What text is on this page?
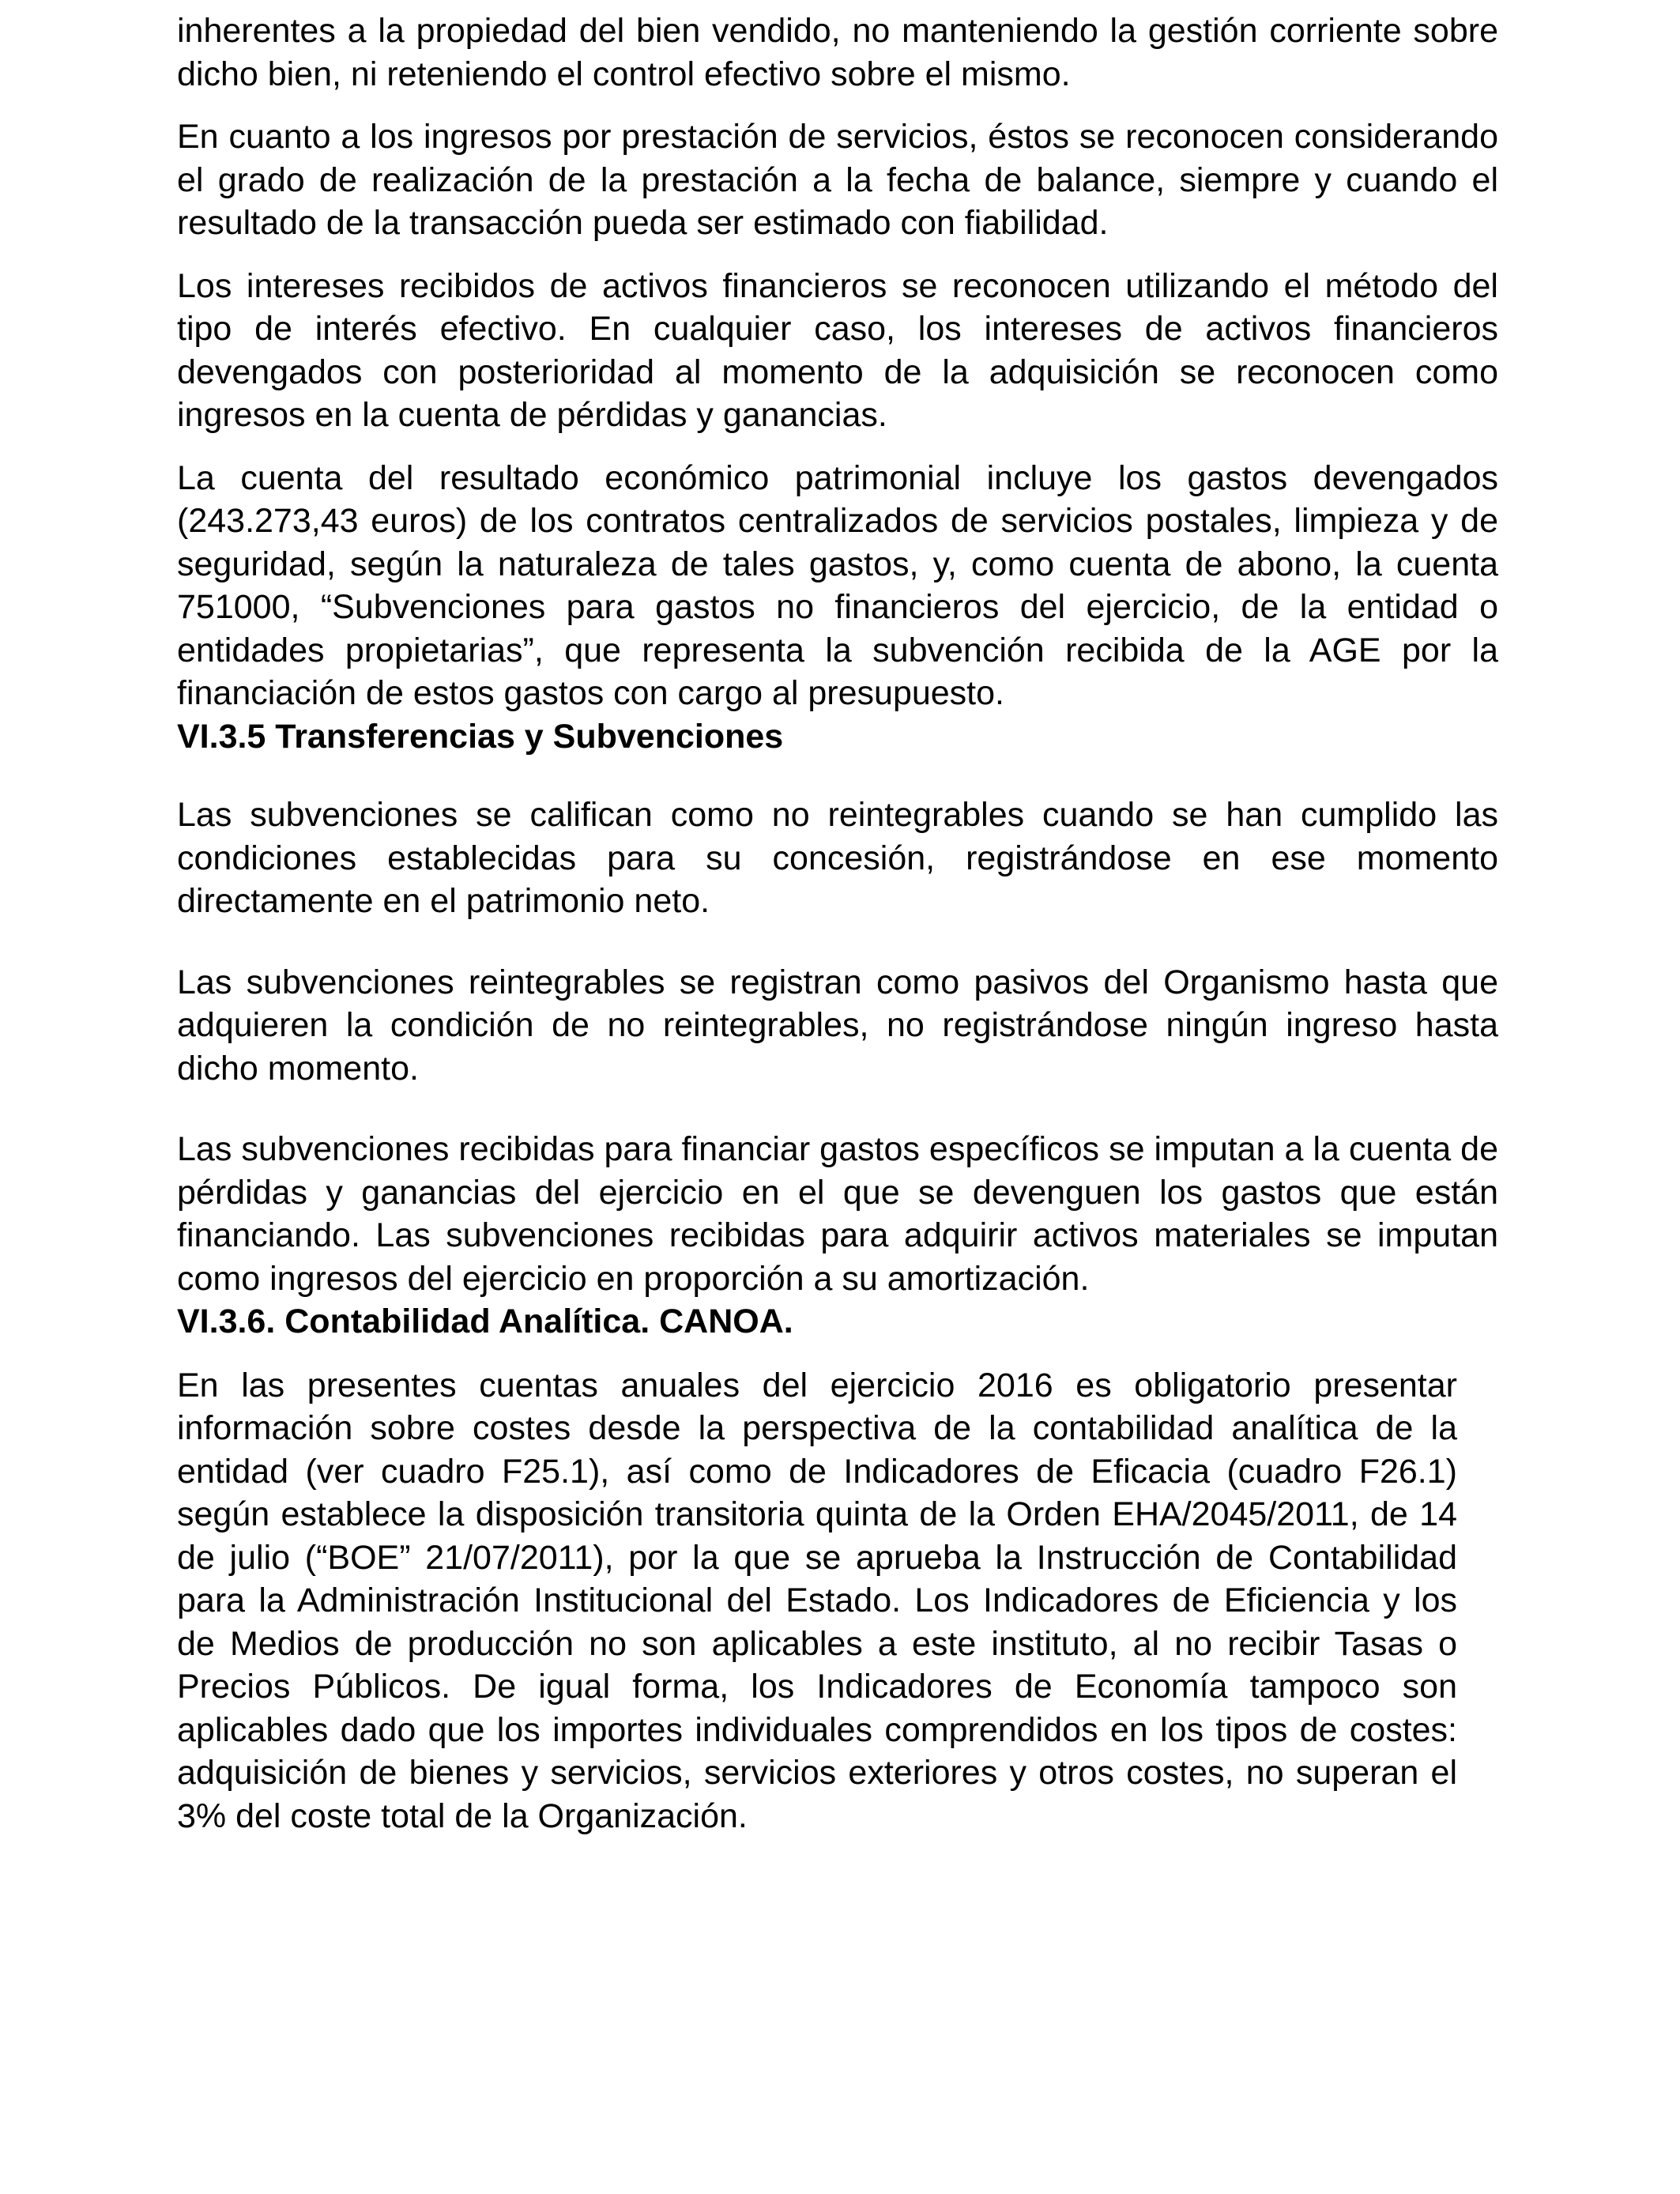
inherentes a la propiedad del bien vendido, no manteniendo la gestión corriente sobre dicho bien, ni reteniendo el control efectivo sobre el mismo.

En cuanto a los ingresos por prestación de servicios, éstos se reconocen considerando el grado de realización de la prestación a la fecha de balance, siempre y cuando el resultado de la transacción pueda ser estimado con fiabilidad.

Los intereses recibidos de activos financieros se reconocen utilizando el método del tipo de interés efectivo. En cualquier caso, los intereses de activos financieros devengados con posterioridad al momento de la adquisición se reconocen como ingresos en la cuenta de pérdidas y ganancias.

La cuenta del resultado económico patrimonial incluye los gastos devengados (243.273,43 euros) de los contratos centralizados de servicios postales, limpieza y de seguridad, según la naturaleza de tales gastos, y, como cuenta de abono, la cuenta 751000, “Subvenciones para gastos no financieros del ejercicio, de la entidad o entidades propietarias”, que representa la subvención recibida de la AGE por la financiación de estos gastos con cargo al presupuesto.

VI.3.5 Transferencias y Subvenciones

Las subvenciones se califican como no reintegrables cuando se han cumplido las condiciones establecidas para su concesión, registrándose en ese momento directamente en el patrimonio neto.

Las subvenciones reintegrables se registran como pasivos del Organismo hasta que adquieren la condición de no reintegrables, no registrándose ningún ingreso hasta dicho momento.

Las subvenciones recibidas para financiar gastos específicos se imputan a la cuenta de pérdidas y ganancias del ejercicio en el que se devenguen los gastos que están financiando. Las subvenciones recibidas para adquirir activos materiales se imputan como ingresos del ejercicio en proporción a su amortización.

VI.3.6. Contabilidad Analítica. CANOA.

En las presentes cuentas anuales del ejercicio 2016 es obligatorio presentar información sobre costes desde la perspectiva de la contabilidad analítica de la entidad (ver cuadro F25.1), así como de Indicadores de Eficacia (cuadro F26.1) según establece la disposición transitoria quinta de la Orden EHA/2045/2011, de 14 de julio (“BOE” 21/07/2011), por la que se aprueba la Instrucción de Contabilidad para la Administración Institucional del Estado. Los Indicadores de Eficiencia y los de Medios de producción no son aplicables a este instituto, al no recibir Tasas o Precios Públicos. De igual forma, los Indicadores de Economía tampoco son aplicables dado que los importes individuales comprendidos en los tipos de costes: adquisición de bienes y servicios, servicios exteriores y otros costes, no superan el 3% del coste total de la Organización.
